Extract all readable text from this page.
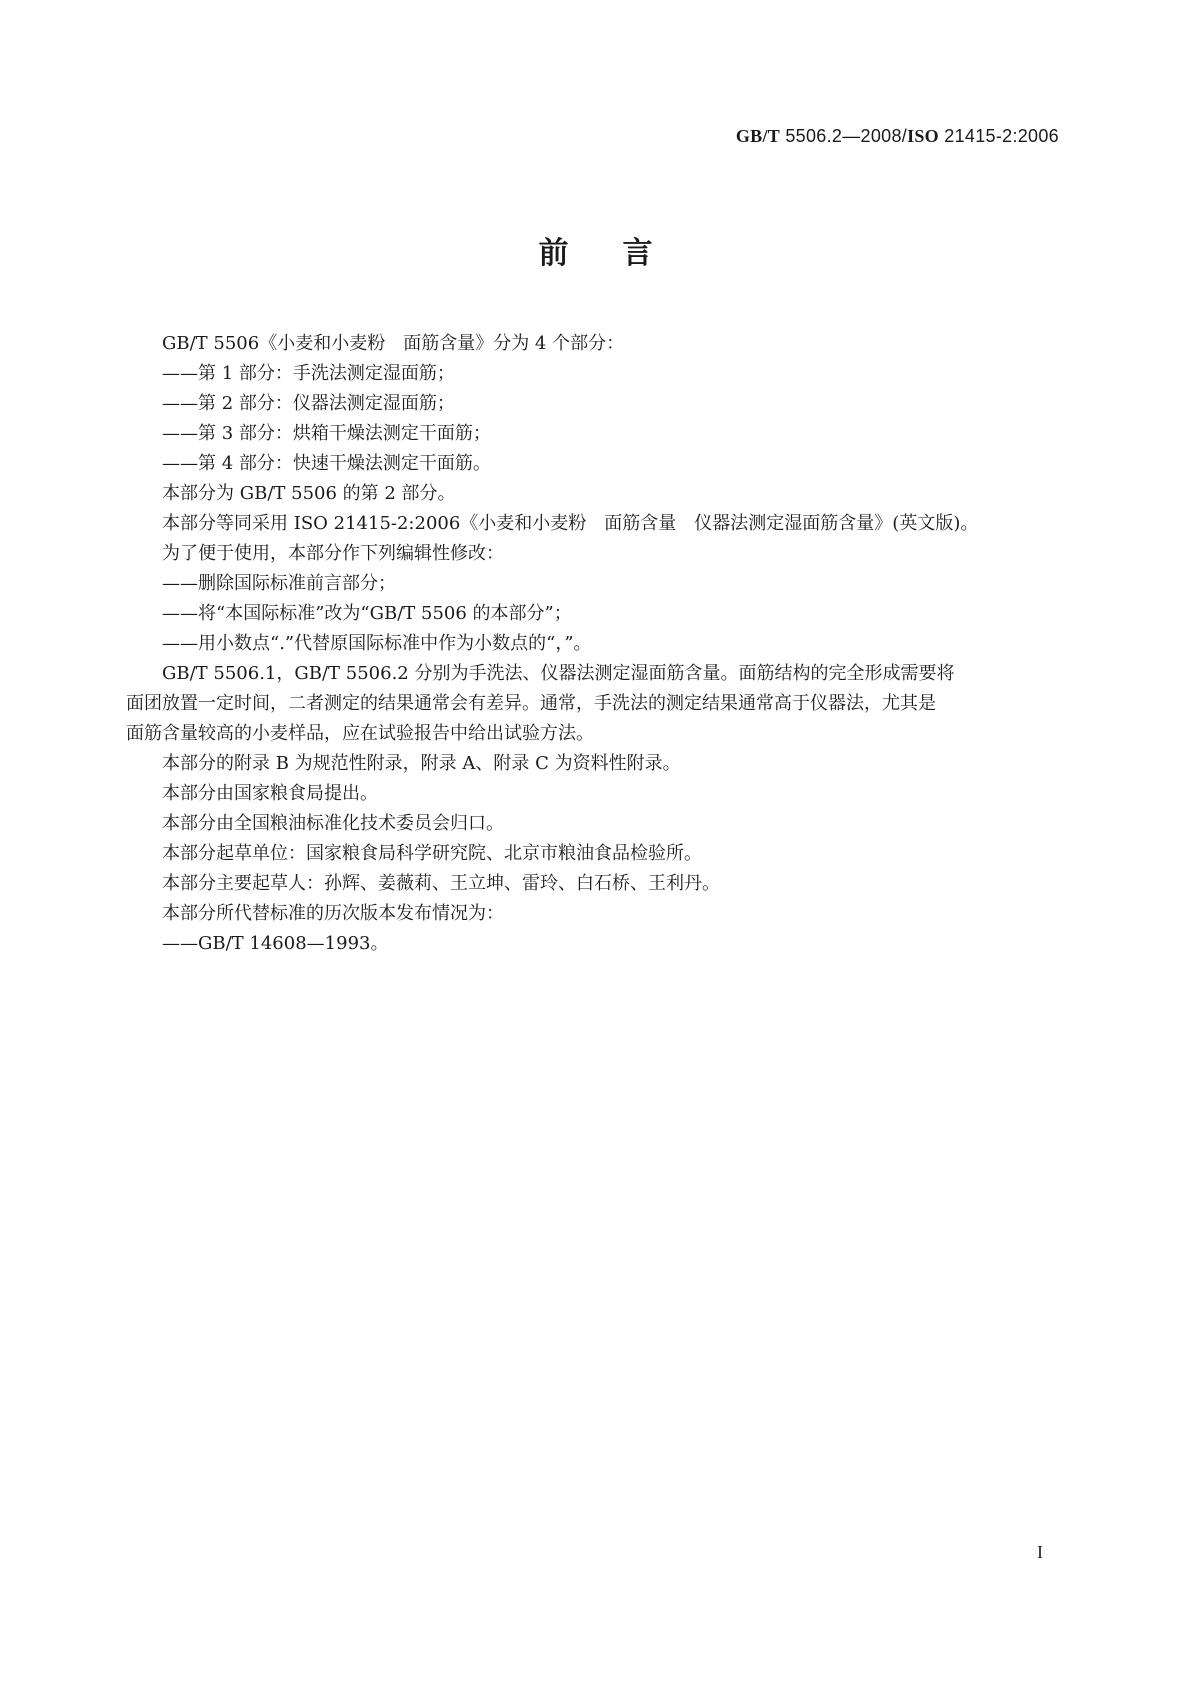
GB/T 5506.2—2008/ISO 21415-2:2006
前言
GB/T 5506《小麦和小麦粉　面筋含量》分为 4 个部分：
——第 1 部分：手洗法测定湿面筋；
——第 2 部分：仪器法测定湿面筋；
——第 3 部分：烘箱干燥法测定干面筋；
——第 4 部分：快速干燥法测定干面筋。
本部分为 GB/T 5506 的第 2 部分。
本部分等同采用 ISO 21415-2:2006《小麦和小麦粉　面筋含量　仪器法测定湿面筋含量》(英文版)。
为了便于使用，本部分作下列编辑性修改：
——删除国际标准前言部分；
——将“本国际标准”改为“GB/T 5506 的本部分”；
——用小数点“.”代替原国际标准中作为小数点的“，”。
GB/T 5506.1，GB/T 5506.2 分别为手洗法、仪器法测定湿面筋含量。面筋结构的完全形成需要将
面团放置一定时间，二者测定的结果通常会有差异。通常，手洗法的测定结果通常高于仪器法，尤其是
面筋含量较高的小麦样品，应在试验报告中给出试验方法。
本部分的附录 B 为规范性附录，附录 A、附录 C 为资料性附录。
本部分由国家粮食局提出。
本部分由全国粮油标准化技术委员会归口。
本部分起草单位：国家粮食局科学研究院、北京市粮油食品检验所。
本部分主要起草人：孙辉、姜薇莉、王立坤、雷玲、白石桥、王利丹。
本部分所代替标准的历次版本发布情况为：
——GB/T 14608—1993。
I
